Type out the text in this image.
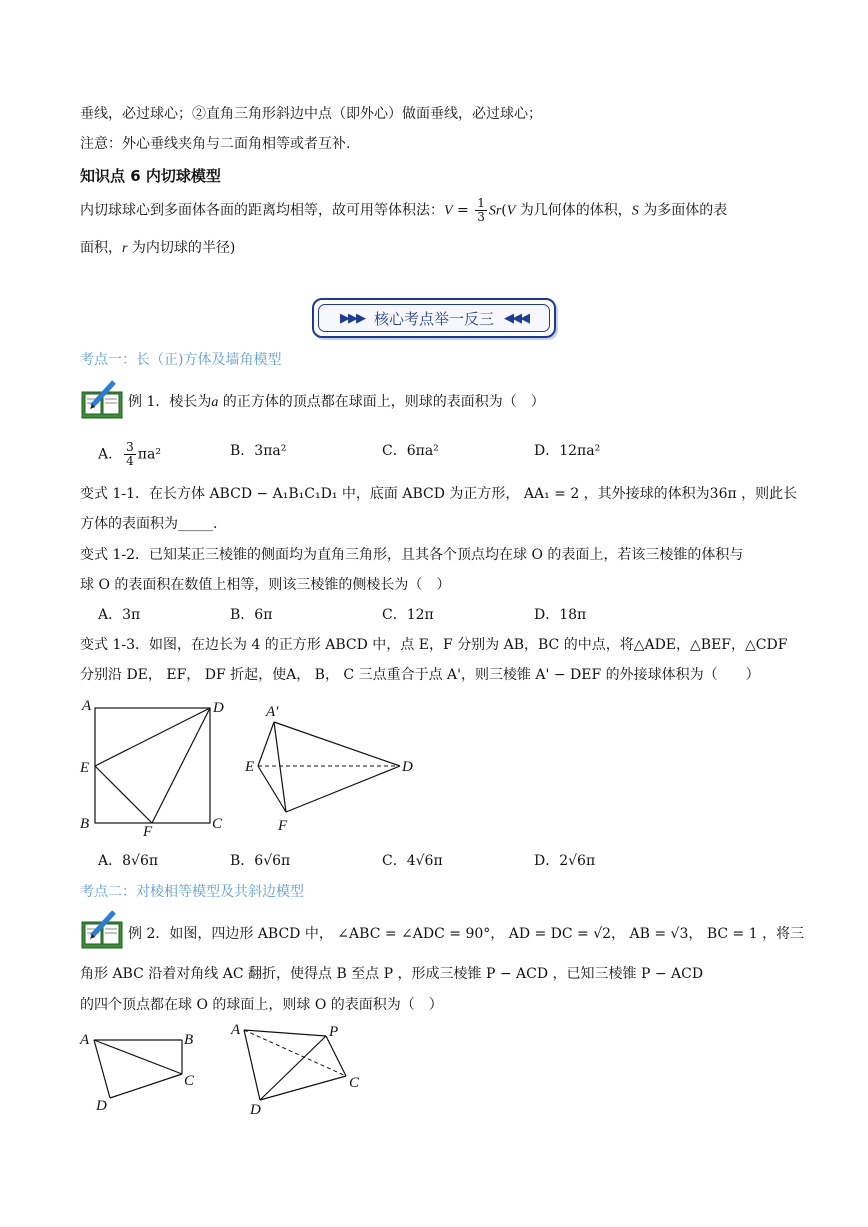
垂线，必过球心；②直角三角形斜边中点（即外心）做面垂线，必过球心；
注意：外心垂线夹角与二面角相等或者互补.
知识点 6 内切球模型
内切球球心到多面体各面的距离均相等，故可用等体积法：$V = \frac{1}{3} Sr(V$ 为几何体的体积，S 为多面体的表
面积，r 为内切球的半径)
▶▶▶ 核心考点举一反三 ◀◀◀
考点一：长（正)方体及墙角模型
例 1．棱长为a 的正方体的顶点都在球面上，则球的表面积为（　）
A． $\frac{3}{4} \pi a^2$	B．3πa²	C．6πa²	D．12πa²
变式 1-1．在长方体 ABCD − A₁B₁C₁D₁ 中，底面 ABCD 为正方形， AA₁ = 2 ，其外接球的体积为36π ，则此长
方体的表面积为_____.
变式 1-2．已知某正三棱锥的侧面均为直角三角形，且其各个顶点均在球 O 的表面上，若该三棱锥的体积与
球 O 的表面积在数值上相等，则该三棱锥的侧棱长为（　）
A．3π	B．6π	C．12π	D．18π
变式 1-3．如图，在边长为 4 的正方形 ABCD 中，点 E，F 分别为 AB，BC 的中点，将△ADE，△BEF，△CDF
分别沿 DE， EF， DF 折起，使A， B， C 三点重合于点 A'，则三棱锥 A' − DEF 的外接球体积为（　　）
A	D
E
B	C
F
A′
E	D
F
A．8√6π	B．6√6π	C．4√6π	D．2√6π
考点二：对棱相等模型及共斜边模型
例 2．如图，四边形 ABCD 中， ∠ABC = ∠ADC = 90°， AD = DC = √2， AB = √3， BC = 1 ，将三
角形 ABC 沿着对角线 AC 翻折，使得点 B 至点 P ，形成三棱锥 P − ACD ，已知三棱锥 P − ACD
的四个顶点都在球 O 的球面上，则球 O 的表面积为（　）
A	B
C
D
A	P
C
D
